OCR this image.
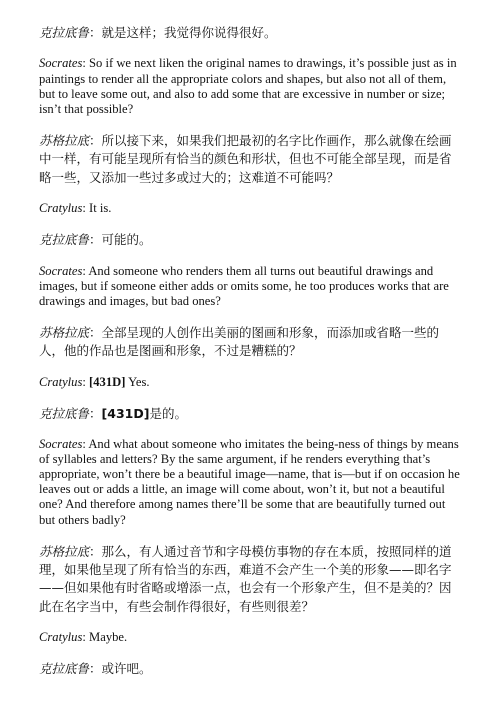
克拉底鲁：就是这样；我觉得你说得很好。

Socrates: So if we next liken the original names to drawings, it’s possible just as in paintings to render all the appropriate colors and shapes, but also not all of them, but to leave some out, and also to add some that are excessive in number or size; isn’t that possible?

苏格拉底：所以接下来，如果我们把最初的名字比作画作，那么就像在绘画中一样，有可能呈现所有恰当的颜色和形状，但也不可能全部呈现，而是省略一些，又添加一些过多或过大的；这难道不可能吗？

Cratylus: It is.

克拉底鲁：可能的。

Socrates: And someone who renders them all turns out beautiful drawings and images, but if someone either adds or omits some, he too produces works that are drawings and images, but bad ones?

苏格拉底：全部呈现的人创作出美丽的图画和形象，而添加或省略一些的人，他的作品也是图画和形象，不过是糟糕的？

Cratylus: [431D] Yes.

克拉底鲁：[431D]是的。

Socrates: And what about someone who imitates the being-ness of things by means of syllables and letters? By the same argument, if he renders everything that’s appropriate, won’t there be a beautiful image—name, that is—but if on occasion he leaves out or adds a little, an image will come about, won’t it, but not a beautiful one? And therefore among names there’ll be some that are beautifully turned out but others badly?

苏格拉底：那么，有人通过音节和字母模仿事物的存在本质，按照同样的道理，如果他呈现了所有恰当的东西，难道不会产生一个美的形象——即名字——但如果他有时省略或增添一点，也会有一个形象产生，但不是美的？因此在名字当中，有些会制作得很好，有些则很差？

Cratylus: Maybe.

克拉底鲁：或许吧。
